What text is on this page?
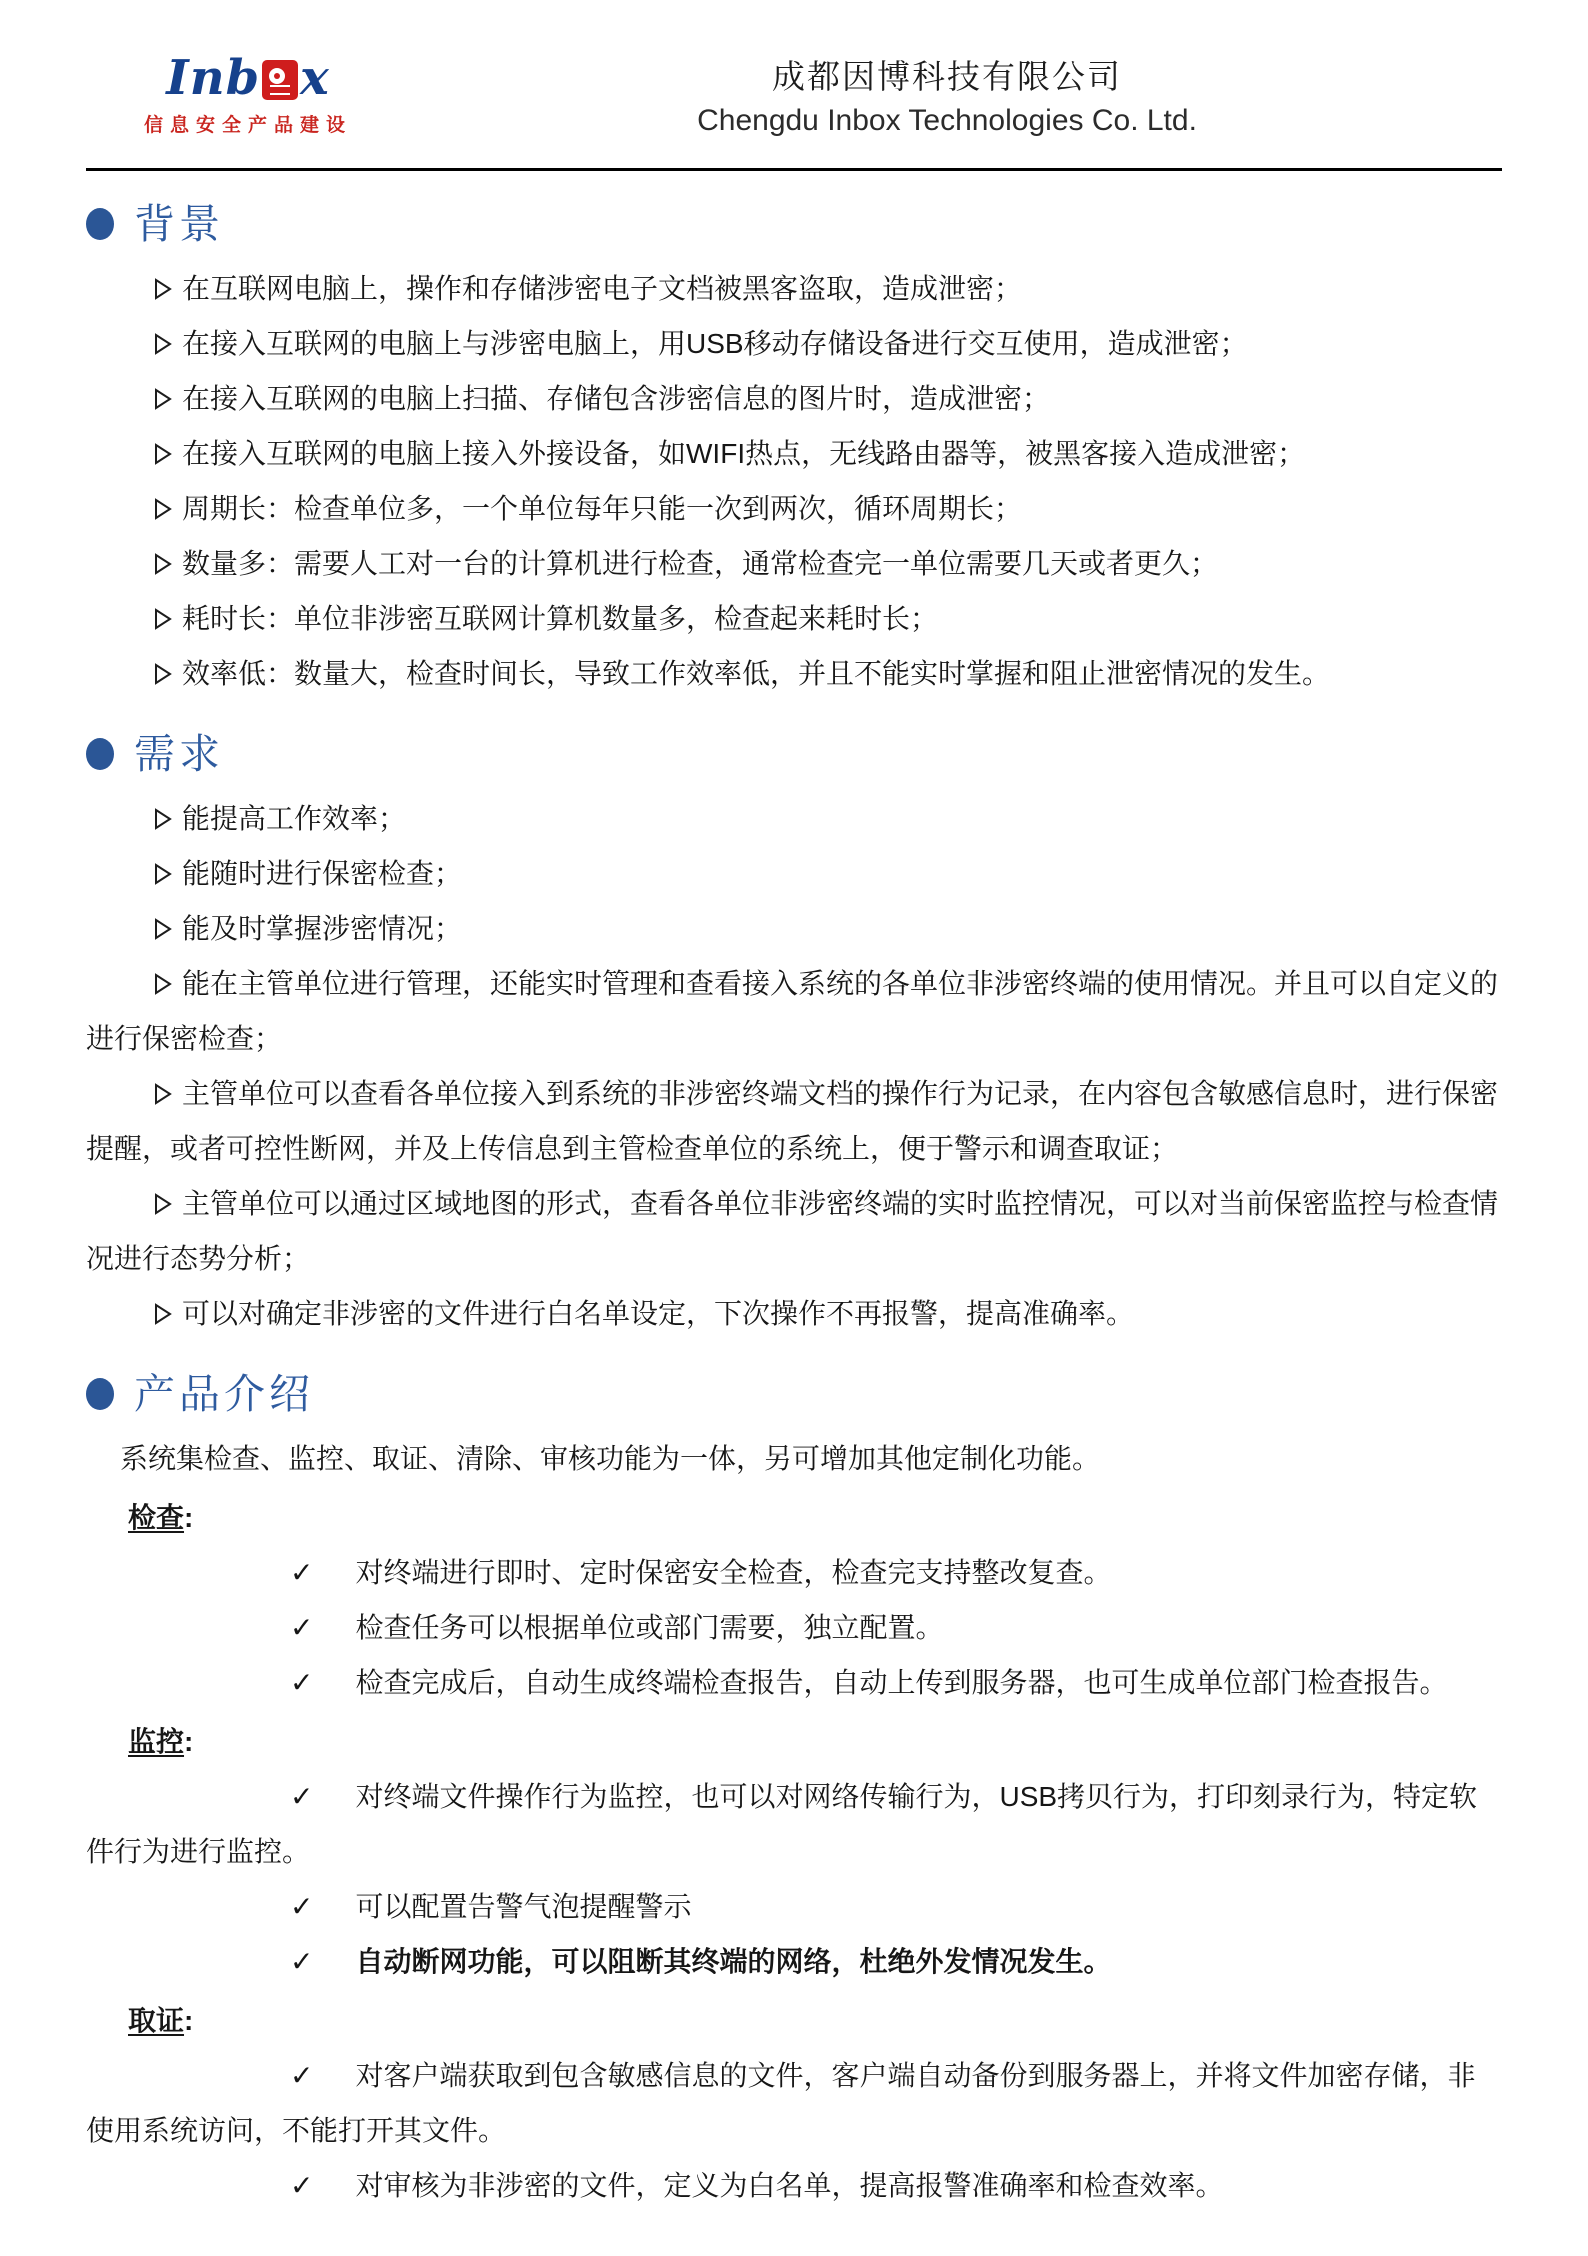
Inb x
信息安全产品建设
成都因博科技有限公司
Chengdu Inbox Technologies Co. Ltd.
背景

在互联网电脑上，操作和存储涉密电子文档被黑客盗取，造成泄密；

在接入互联网的电脑上与涉密电脑上，用USB移动存储设备进行交互使用，造成泄密；

在接入互联网的电脑上扫描、存储包含涉密信息的图片时，造成泄密；

在接入互联网的电脑上接入外接设备，如WIFI热点，无线路由器等，被黑客接入造成泄密；

周期长：检查单位多，一个单位每年只能一次到两次，循环周期长；

数量多：需要人工对一台的计算机进行检查，通常检查完一单位需要几天或者更久；

耗时长：单位非涉密互联网计算机数量多，检查起来耗时长；

效率低：数量大，检查时间长，导致工作效率低，并且不能实时掌握和阻止泄密情况的发生。

需求

能提高工作效率；

能随时进行保密检查；

能及时掌握涉密情况；

能在主管单位进行管理，还能实时管理和查看接入系统的各单位非涉密终端的使用情况。并且可以自定义的进行保密检查；

主管单位可以查看各单位接入到系统的非涉密终端文档的操作行为记录，在内容包含敏感信息时，进行保密提醒，或者可控性断网，并及上传信息到主管检查单位的系统上，便于警示和调查取证；

主管单位可以通过区域地图的形式，查看各单位非涉密终端的实时监控情况，可以对当前保密监控与检查情况进行态势分析；

可以对确定非涉密的文件进行白名单设定，下次操作不再报警，提高准确率。

产品介绍

系统集检查、监控、取证、清除、审核功能为一体，另可增加其他定制化功能。

检查:

✓ 对终端进行即时、定时保密安全检查，检查完支持整改复查。

✓ 检查任务可以根据单位或部门需要，独立配置。

✓ 检查完成后，自动生成终端检查报告，自动上传到服务器，也可生成单位部门检查报告。

监控:

✓ 对终端文件操作行为监控，也可以对网络传输行为，USB拷贝行为，打印刻录行为，特定软件行为进行监控。

✓ 可以配置告警气泡提醒警示

✓ 自动断网功能，可以阻断其终端的网络，杜绝外发情况发生。

取证:

✓ 对客户端获取到包含敏感信息的文件，客户端自动备份到服务器上，并将文件加密存储，非使用系统访问，不能打开其文件。

✓ 对审核为非涉密的文件，定义为白名单，提高报警准确率和检查效率。
